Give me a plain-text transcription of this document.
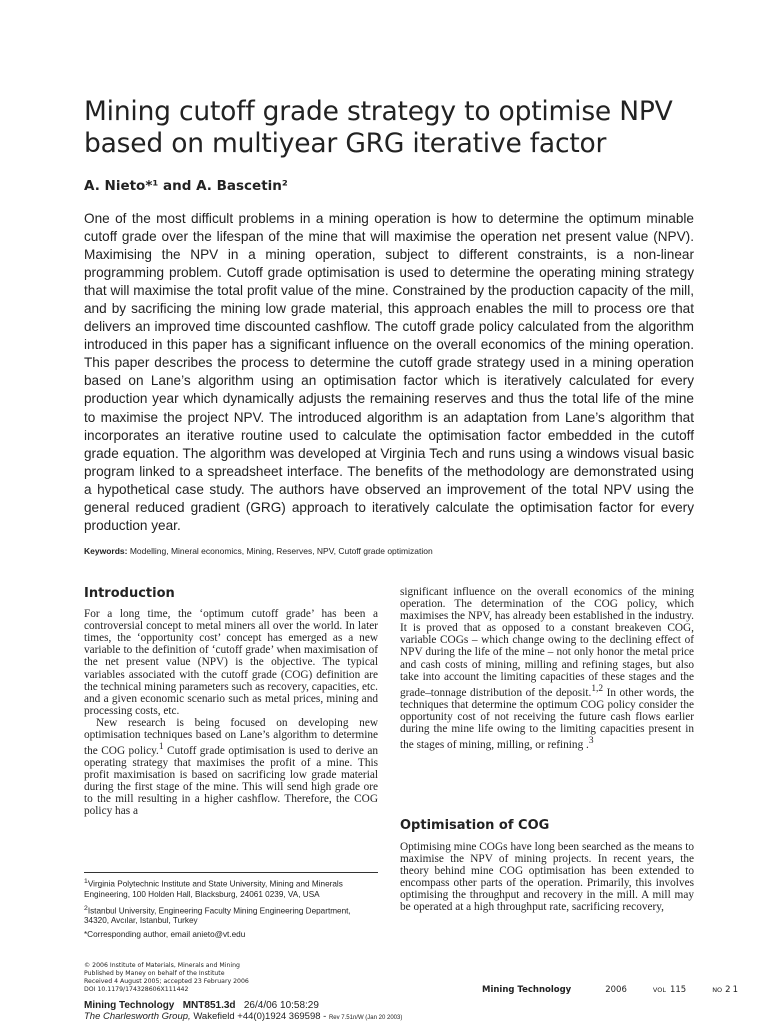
Mining cutoff grade strategy to optimise NPV
based on multiyear GRG iterative factor
A. Nieto*¹ and A. Bascetin²

One of the most difficult problems in a mining operation is how to determine the optimum minable cutoff grade over the lifespan of the mine that will maximise the operation net present value (NPV). Maximising the NPV in a mining operation, subject to different constraints, is a non-linear programming problem. Cutoff grade optimisation is used to determine the operating mining strategy that will maximise the total profit value of the mine. Constrained by the production capacity of the mill, and by sacrificing the mining low grade material, this approach enables the mill to process ore that delivers an improved time discounted cashflow. The cutoff grade policy calculated from the algorithm introduced in this paper has a significant influence on the overall economics of the mining operation. This paper describes the process to determine the cutoff grade strategy used in a mining operation based on Lane’s algorithm using an optimisation factor which is iteratively calculated for every production year which dynamically adjusts the remaining reserves and thus the total life of the mine to maximise the project NPV. The introduced algorithm is an adaptation from Lane’s algorithm that incorporates an iterative routine used to calculate the optimisation factor embedded in the cutoff grade equation. The algorithm was developed at Virginia Tech and runs using a windows visual basic program linked to a spreadsheet interface. The benefits of the methodology are demonstrated using a hypothetical case study. The authors have observed an improvement of the total NPV using the general reduced gradient (GRG) approach to iteratively calculate the optimisation factor for every production year.

Keywords: Modelling, Mineral economics, Mining, Reserves, NPV, Cutoff grade optimization
Introduction

For a long time, the ‘optimum cutoff grade’ has been a controversial concept to metal miners all over the world. In later times, the ‘opportunity cost’ concept has emerged as a new variable to the definition of ‘cutoff grade’ when maximisation of the net present value (NPV) is the objective. The typical variables associated with the cutoff grade (COG) definition are the technical mining parameters such as recovery, capacities, etc. and a given economic scenario such as metal prices, mining and processing costs, etc.

New research is being focused on developing new optimisation techniques based on Lane’s algorithm to determine the COG policy.$^1$ Cutoff grade optimisation is used to derive an operating strategy that maximises the profit of a mine. This profit maximisation is based on sacrificing low grade material during the first stage of the mine. This will send high grade ore to the mill resulting in a higher cashflow. Therefore, the COG policy has a

significant influence on the overall economics of the mining operation. The determination of the COG policy, which maximises the NPV, has already been established in the industry. It is proved that as opposed to a constant breakeven COG, variable COGs – which change owing to the declining effect of NPV during the life of the mine – not only honor the metal price and cash costs of mining, milling and refining stages, but also take into account the limiting capacities of these stages and the grade–tonnage distribution of the deposit.$^{1,2}$ In other words, the techniques that determine the optimum COG policy consider the opportunity cost of not receiving the future cash flows earlier during the mine life owing to the limiting capacities present in the stages of mining, milling, or refining .$^3$

Optimisation of COG

Optimising mine COGs have long been searched as the means to maximise the NPV of mining projects. In recent years, the theory behind mine COG optimisation has been extended to encompass other parts of the operation. Primarily, this involves optimising the throughput and recovery in the mill. A mill may be operated at a high throughput rate, sacrificing recovery,

$^1$Virginia Polytechnic Institute and State University, Mining and Minerals Engineering, 100 Holden Hall, Blacksburg, 24061 0239, VA, USA

$^2$Istanbul University, Engineering Faculty Mining Engineering Department, 34320, Avcılar, Istanbul, Turkey

*Corresponding author, email anieto@vt.edu

© 2006 Institute of Materials, Minerals and Mining
Published by Maney on behalf of the Institute
Received 4 August 2005; accepted 23 February 2006
DOI 10.1179/174328606X111442	Mining Technology	2006	VOL 115	NO 2 1
Mining Technology MNT851.3d 26/4/06 10:58:29
The Charlesworth Group, Wakefield +44(0)1924 369598 - Rev 7.51n/W (Jan 20 2003)
